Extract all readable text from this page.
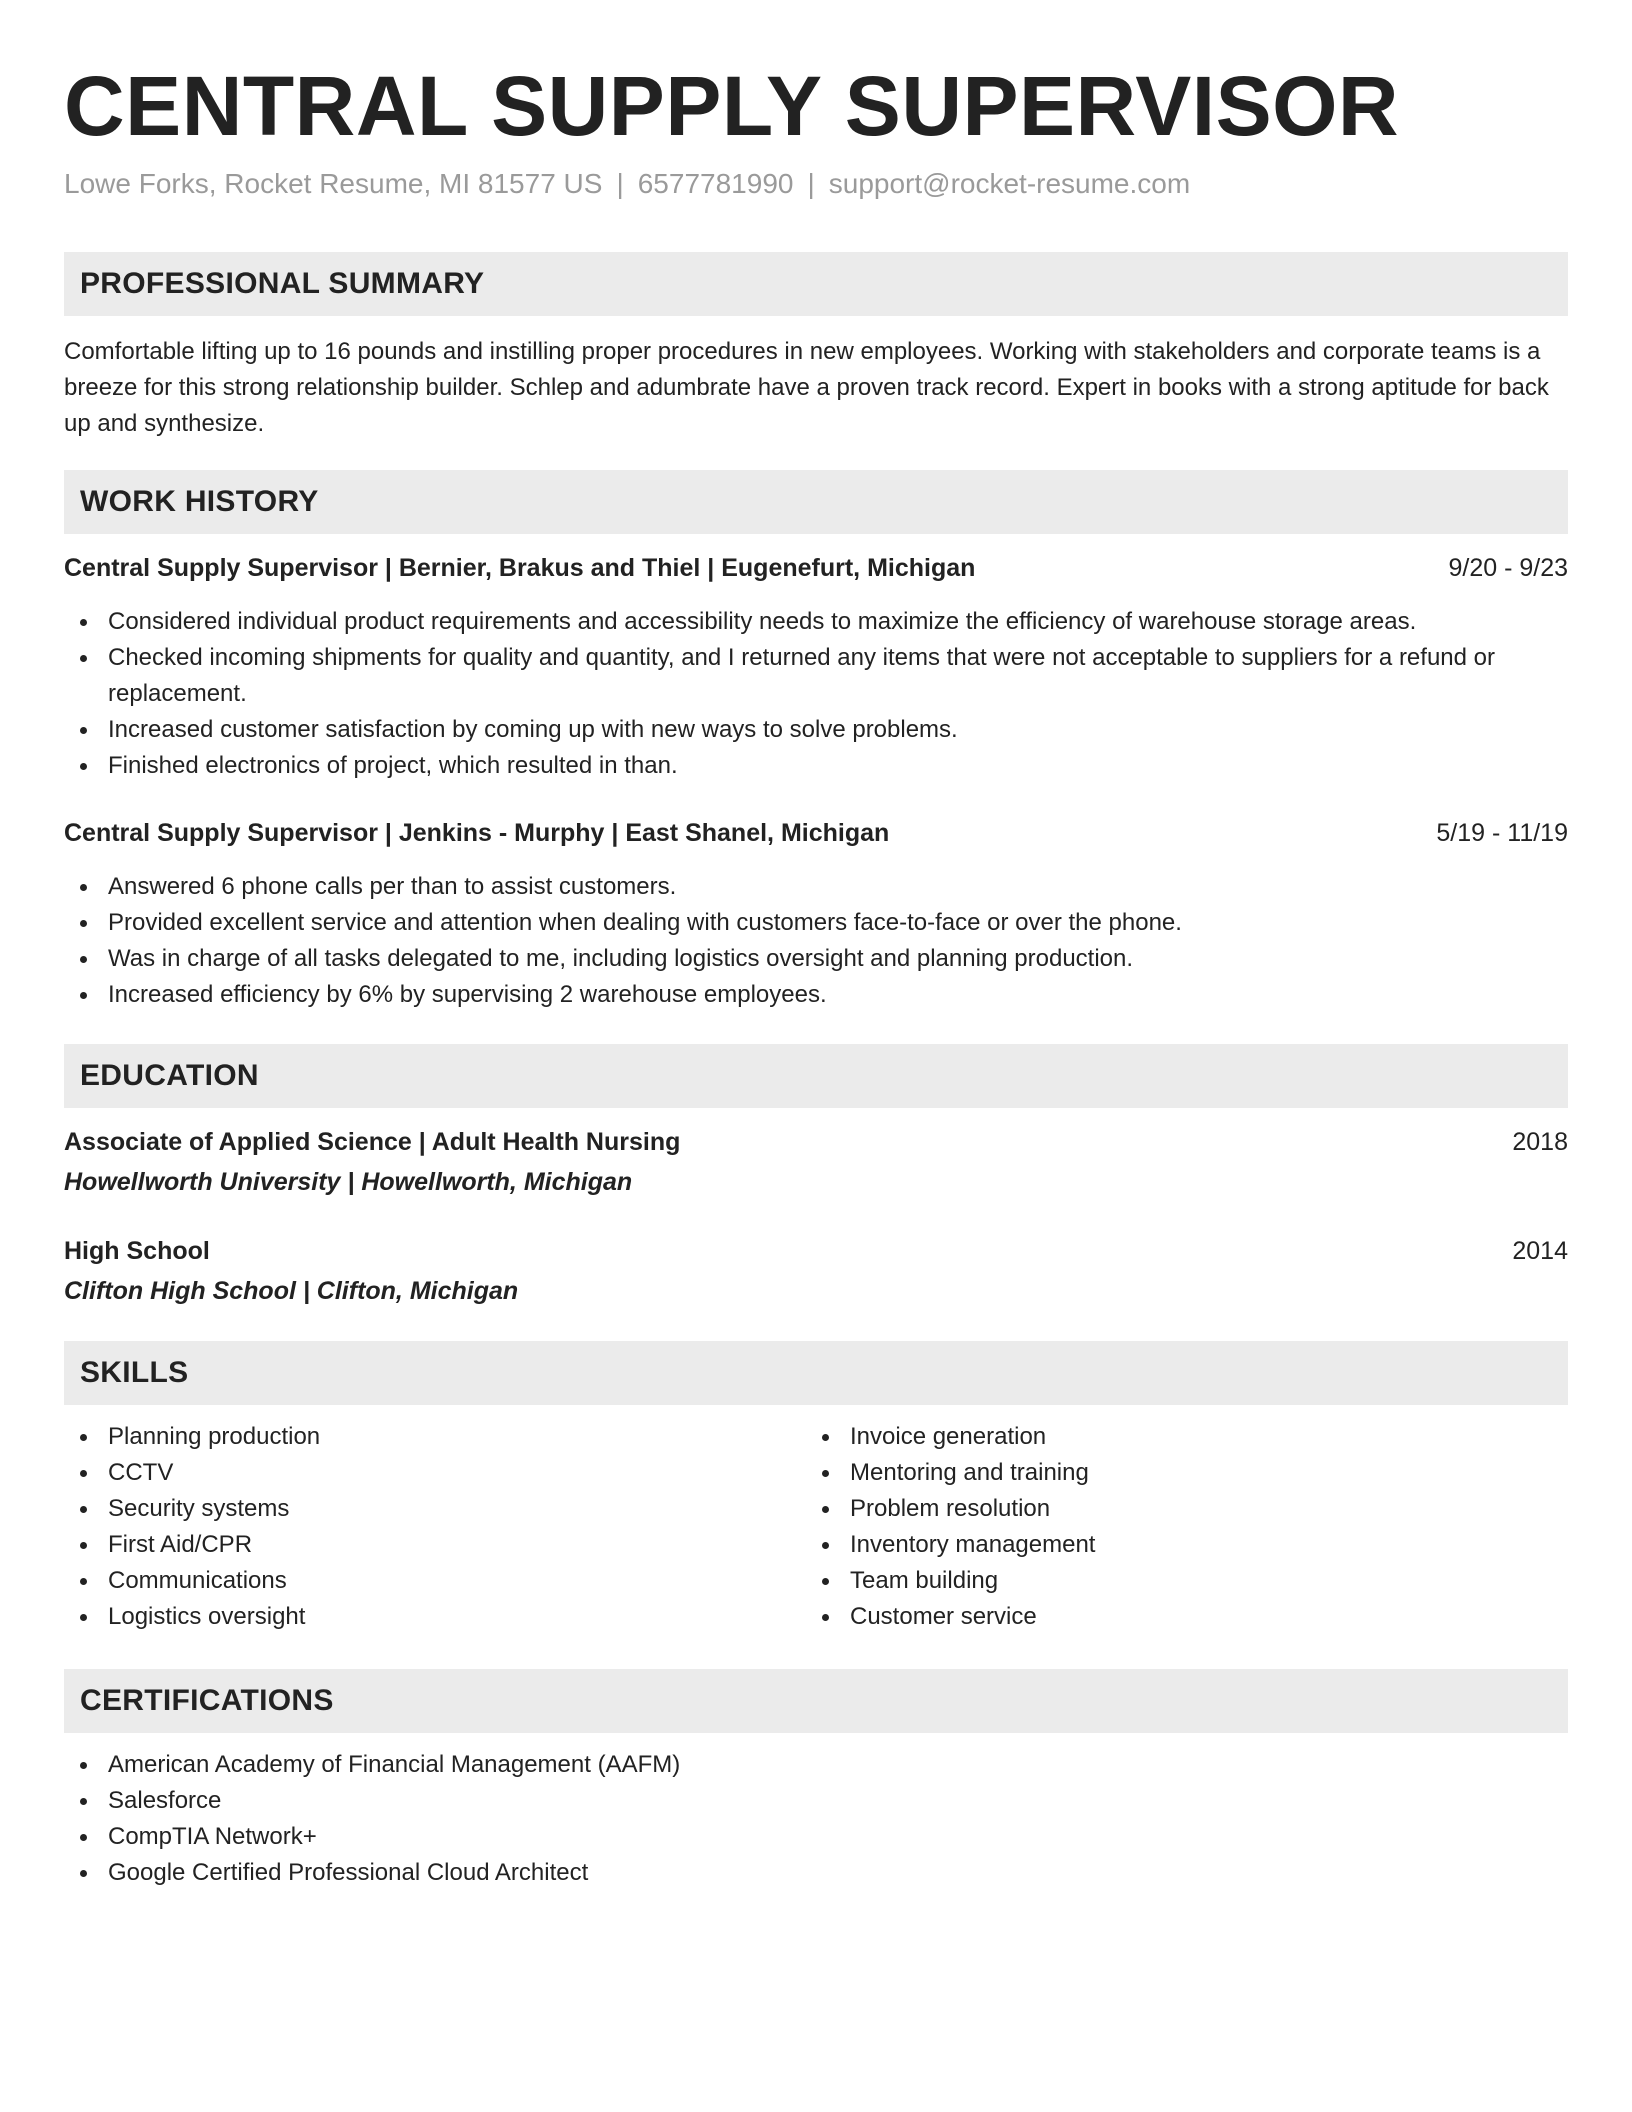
CENTRAL SUPPLY SUPERVISOR
Lowe Forks, Rocket Resume, MI 81577 US | 6577781990 | support@rocket-resume.com
PROFESSIONAL SUMMARY

Comfortable lifting up to 16 pounds and instilling proper procedures in new employees. Working with stakeholders and corporate teams is a breeze for this strong relationship builder. Schlep and adumbrate have a proven track record. Expert in books with a strong aptitude for back up and synthesize.

WORK HISTORY
Central Supply Supervisor | Bernier, Brakus and Thiel | Eugenefurt, Michigan	9/20 - 9/23
Considered individual product requirements and accessibility needs to maximize the efficiency of warehouse storage areas.
Checked incoming shipments for quality and quantity, and I returned any items that were not acceptable to suppliers for a refund or replacement.
Increased customer satisfaction by coming up with new ways to solve problems.
Finished electronics of project, which resulted in than.
Central Supply Supervisor | Jenkins - Murphy | East Shanel, Michigan	5/19 - 11/19
Answered 6 phone calls per than to assist customers.
Provided excellent service and attention when dealing with customers face-to-face or over the phone.
Was in charge of all tasks delegated to me, including logistics oversight and planning production.
Increased efficiency by 6% by supervising 2 warehouse employees.
EDUCATION
Associate of Applied Science | Adult Health Nursing	2018
Howellworth University | Howellworth, Michigan
High School	2014
Clifton High School | Clifton, Michigan
SKILLS
Planning production
CCTV
Security systems
First Aid/CPR
Communications
Logistics oversight
Invoice generation
Mentoring and training
Problem resolution
Inventory management
Team building
Customer service
CERTIFICATIONS
American Academy of Financial Management (AAFM)
Salesforce
CompTIA Network+
Google Certified Professional Cloud Architect
